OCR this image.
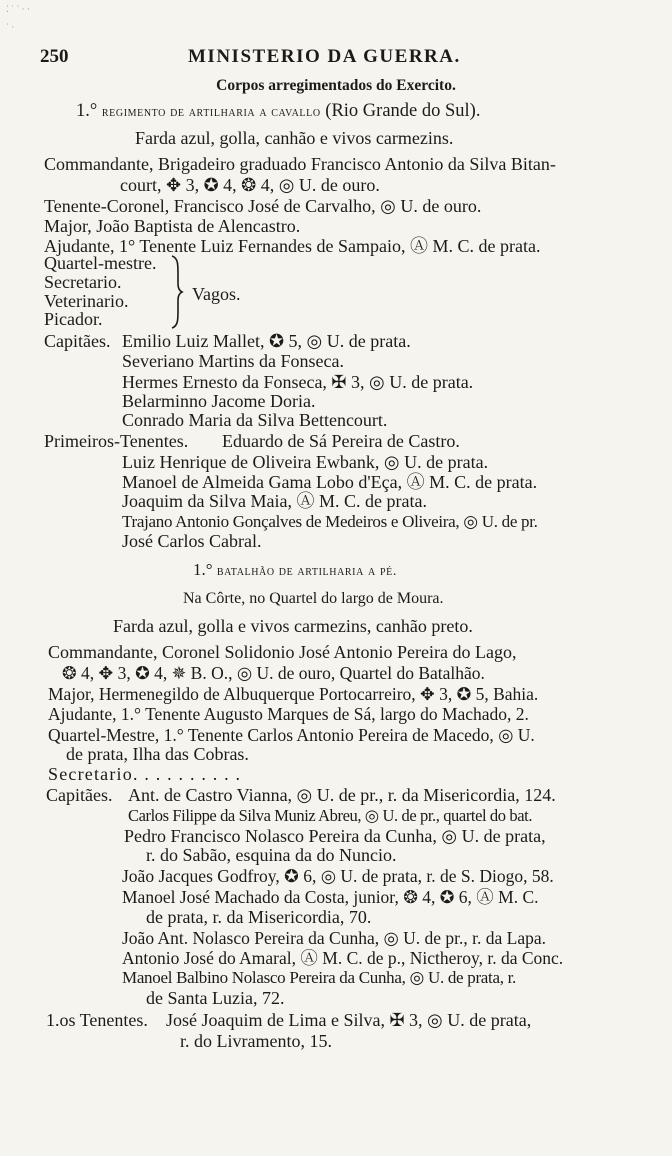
⁚ ˙ ˙ · ·
˙ ·
250	MINISTERIO DA GUERRA.
Corpos arregimentados do Exercito.
1.° regimento de artilharia a cavallo (Rio Grande do Sul).
Farda azul, golla, canhão e vivos carmezins.
Commandante, Brigadeiro graduado Francisco Antonio da Silva Bitan-
court, ✥ 3, ✪ 4, ❂ 4, ◎ U. de ouro.
Tenente-Coronel, Francisco José de Carvalho, ◎ U. de ouro.
Major, João Baptista de Alencastro.
Ajudante, 1° Tenente Luiz Fernandes de Sampaio, Ⓐ M. C. de prata.
Quartel-mestre.
Secretario.
Veterinario.
Picador.
Vagos.
Capitães. Emilio Luiz Mallet, ✪ 5, ◎ U. de prata.
Severiano Martins da Fonseca.
Hermes Ernesto da Fonseca, ✠ 3, ◎ U. de prata.
Belarminno Jacome Doria.
Conrado Maria da Silva Bettencourt.
Primeiros-Tenentes. Eduardo de Sá Pereira de Castro.
Luiz Henrique de Oliveira Ewbank, ◎ U. de prata.
Manoel de Almeida Gama Lobo d'Eça, Ⓐ M. C. de prata.
Joaquim da Silva Maia, Ⓐ M. C. de prata.
Trajano Antonio Gonçalves de Medeiros e Oliveira, ◎ U. de pr.
José Carlos Cabral.
1.° batalhão de artilharia a pé.
Na Côrte, no Quartel do largo de Moura.
Farda azul, golla e vivos carmezins, canhão preto.
Commandante, Coronel Solidonio José Antonio Pereira do Lago,
❂ 4, ✥ 3, ✪ 4, ✵ B. O., ◎ U. de ouro, Quartel do Batalhão.
Major, Hermenegildo de Albuquerque Portocarreiro, ✥ 3, ✪ 5, Bahia.
Ajudante, 1.° Tenente Augusto Marques de Sá, largo do Machado, 2.
Quartel-Mestre, 1.° Tenente Carlos Antonio Pereira de Macedo, ◎ U.
de prata, Ilha das Cobras.
Secretario. . . . . . . . . .
Capitães. Ant. de Castro Vianna, ◎ U. de pr., r. da Misericordia, 124.
Carlos Filippe da Silva Muniz Abreu, ◎ U. de pr., quartel do bat.
Pedro Francisco Nolasco Pereira da Cunha, ◎ U. de prata,
r. do Sabão, esquina da do Nuncio.
João Jacques Godfroy, ✪ 6, ◎ U. de prata, r. de S. Diogo, 58.
Manoel José Machado da Costa, junior, ❂ 4, ✪ 6, Ⓐ M. C.
de prata, r. da Misericordia, 70.
João Ant. Nolasco Pereira da Cunha, ◎ U. de pr., r. da Lapa.
Antonio José do Amaral, Ⓐ M. C. de p., Nictheroy, r. da Conc.
Manoel Balbino Nolasco Pereira da Cunha, ◎ U. de prata, r.
de Santa Luzia, 72.
1.os Tenentes. José Joaquim de Lima e Silva, ✠ 3, ◎ U. de prata,
r. do Livramento, 15.
